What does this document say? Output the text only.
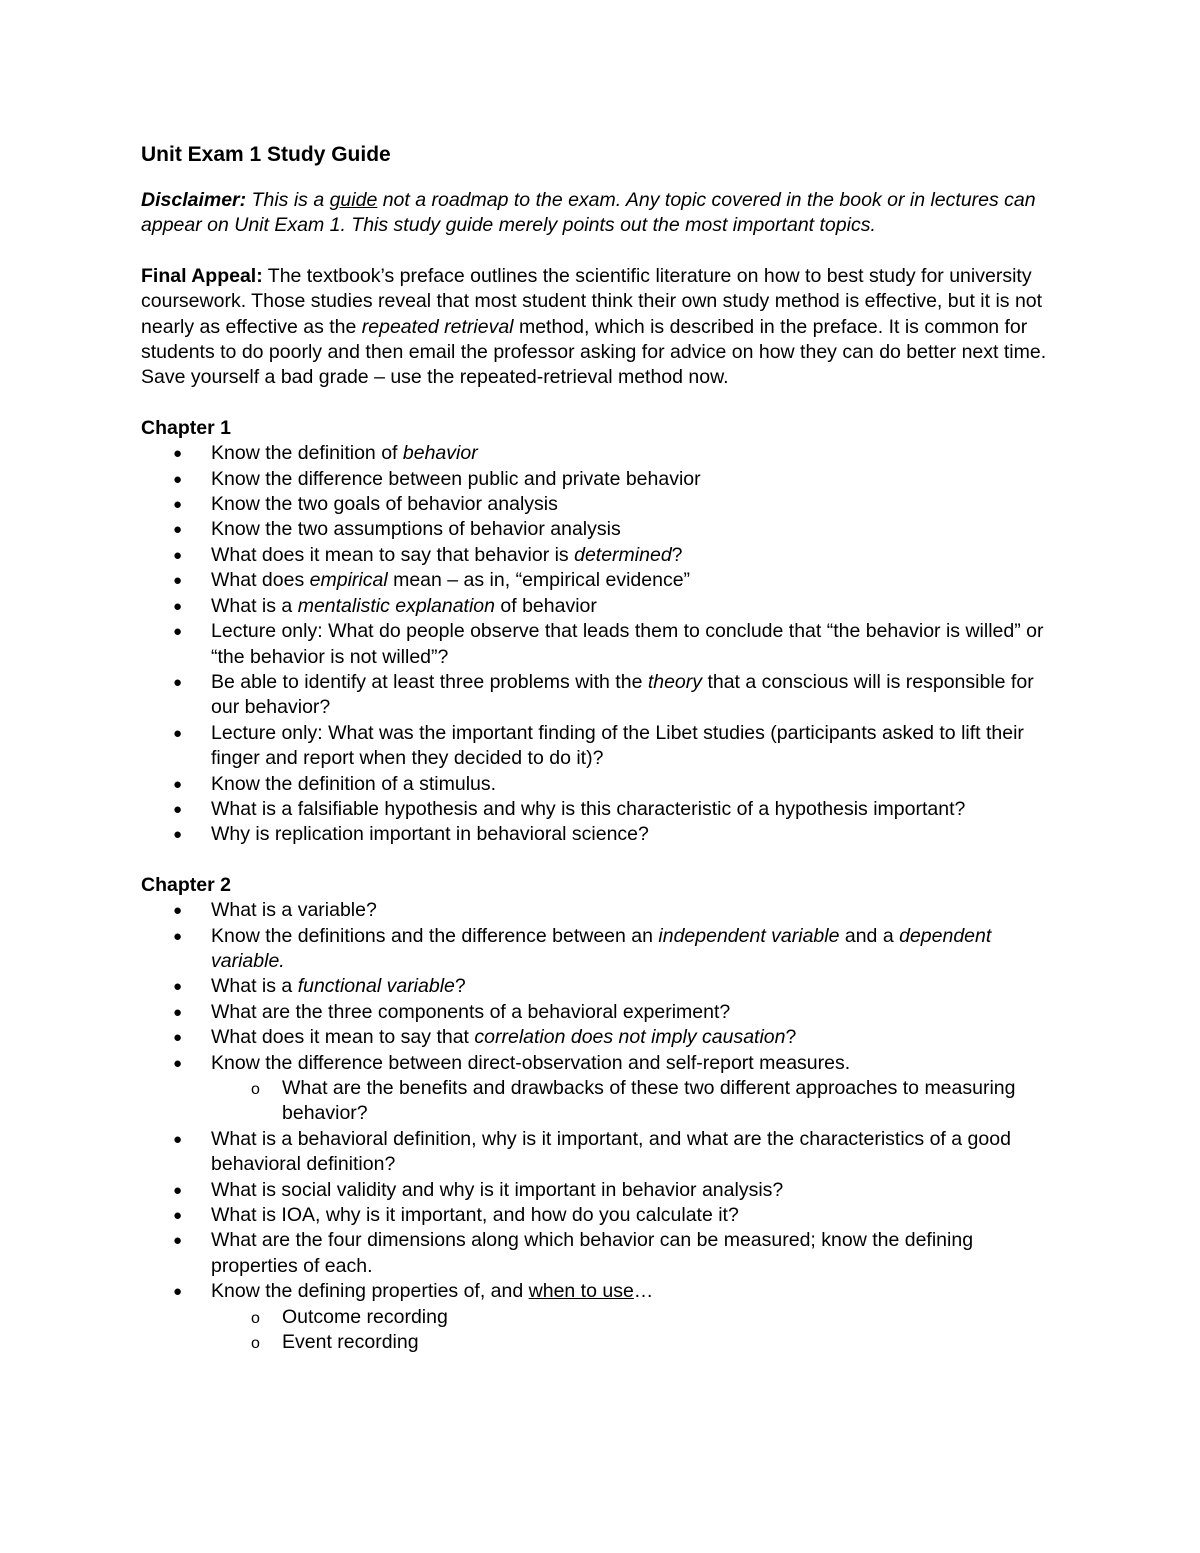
Unit Exam 1 Study Guide
Disclaimer: This is a guide not a roadmap to the exam. Any topic covered in the book or in lectures can appear on Unit Exam 1. This study guide merely points out the most important topics.
Final Appeal: The textbook’s preface outlines the scientific literature on how to best study for university coursework. Those studies reveal that most student think their own study method is effective, but it is not nearly as effective as the repeated retrieval method, which is described in the preface. It is common for students to do poorly and then email the professor asking for advice on how they can do better next time. Save yourself a bad grade – use the repeated-retrieval method now.
Chapter 1
● Know the definition of behavior
● Know the difference between public and private behavior
● Know the two goals of behavior analysis
● Know the two assumptions of behavior analysis
● What does it mean to say that behavior is determined?
● What does empirical mean – as in, “empirical evidence”
● What is a mentalistic explanation of behavior
● Lecture only: What do people observe that leads them to conclude that “the behavior is willed” or “the behavior is not willed”?
● Be able to identify at least three problems with the theory that a conscious will is responsible for our behavior?
● Lecture only: What was the important finding of the Libet studies (participants asked to lift their finger and report when they decided to do it)?
● Know the definition of a stimulus.
● What is a falsifiable hypothesis and why is this characteristic of a hypothesis important?
● Why is replication important in behavioral science?
Chapter 2
● What is a variable?
● Know the definitions and the difference between an independent variable and a dependent variable.
● What is a functional variable?
● What are the three components of a behavioral experiment?
● What does it mean to say that correlation does not imply causation?
● Know the difference between direct-observation and self-report measures.
o What are the benefits and drawbacks of these two different approaches to measuring behavior?
● What is a behavioral definition, why is it important, and what are the characteristics of a good behavioral definition?
● What is social validity and why is it important in behavior analysis?
● What is IOA, why is it important, and how do you calculate it?
● What are the four dimensions along which behavior can be measured; know the defining properties of each.
● Know the defining properties of, and when to use…
o Outcome recording
o Event recording
